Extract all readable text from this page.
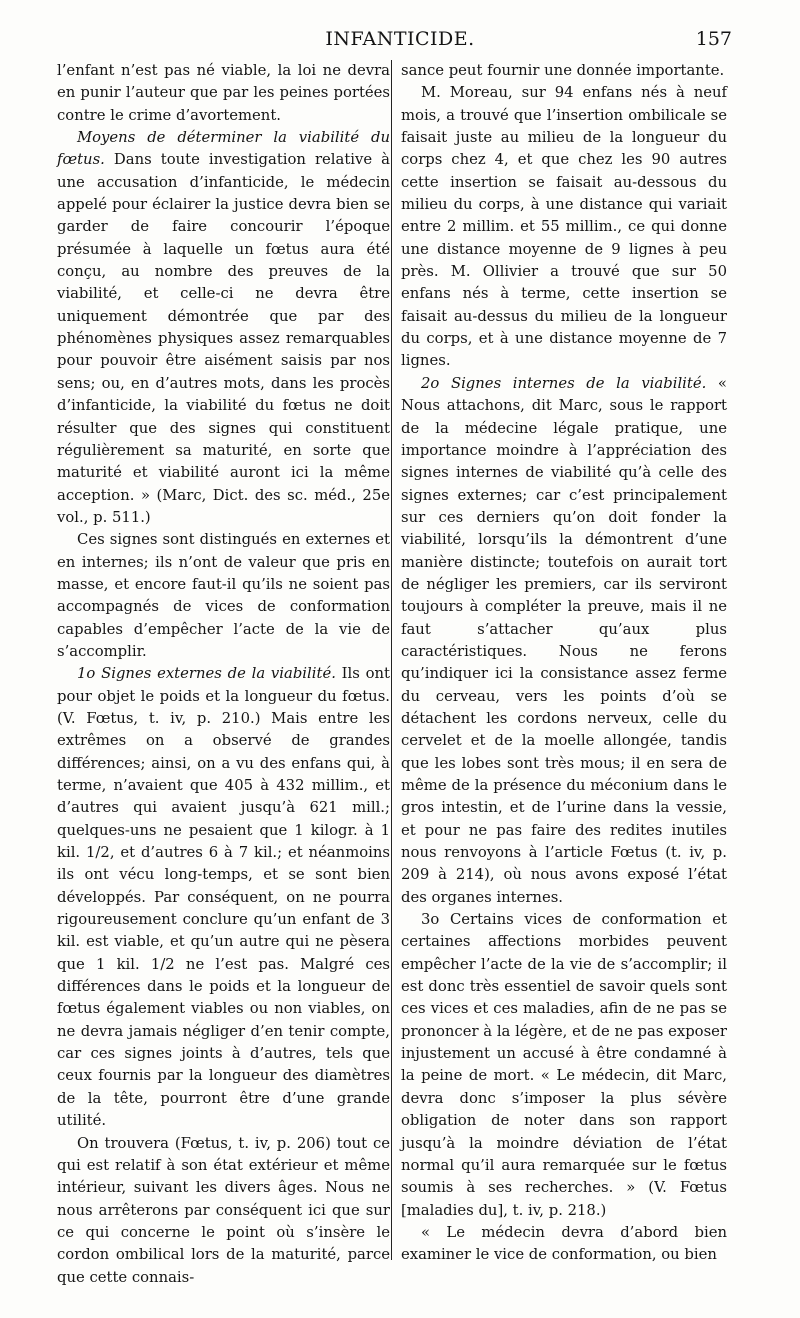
INFANTICIDE.	157

l’enfant n’est pas né viable, la loi ne devra en punir l’auteur que par les peines portées contre le crime d’avortement.

Moyens de déterminer la viabilité du fœtus. Dans toute investigation relative à une accusation d’infanticide, le médecin appelé pour éclairer la justice devra bien se garder de faire concourir l’époque présumée à laquelle un fœtus aura été conçu, au nombre des preuves de la viabilité, et celle-ci ne devra être uniquement démontrée que par des phénomènes physiques assez remarquables pour pouvoir être aisément saisis par nos sens; ou, en d’autres mots, dans les procès d’infanticide, la viabilité du fœtus ne doit résulter que des signes qui constituent régulièrement sa maturité, en sorte que maturité et viabilité auront ici la même acception. » (Marc, Dict. des sc. méd., 25e vol., p. 511.)

Ces signes sont distingués en externes et en internes; ils n’ont de valeur que pris en masse, et encore faut-il qu’ils ne soient pas accompagnés de vices de conformation capables d’empêcher l’acte de la vie de s’accomplir.

1o Signes externes de la viabilité. Ils ont pour objet le poids et la longueur du fœtus. (V. Fœtus, t. iv, p. 210.) Mais entre les extrêmes on a observé de grandes différences; ainsi, on a vu des enfans qui, à terme, n’avaient que 405 à 432 millim., et d’autres qui avaient jusqu’à 621 mill.; quelques-uns ne pesaient que 1 kilogr. à 1 kil. 1/2, et d’autres 6 à 7 kil.; et néanmoins ils ont vécu long-temps, et se sont bien développés. Par conséquent, on ne pourra rigoureusement conclure qu’un enfant de 3 kil. est viable, et qu’un autre qui ne pèsera que 1 kil. 1/2 ne l’est pas. Malgré ces différences dans le poids et la longueur de fœtus également viables ou non viables, on ne devra jamais négliger d’en tenir compte, car ces signes joints à d’autres, tels que ceux fournis par la longueur des diamètres de la tête, pourront être d’une grande utilité.

On trouvera (Fœtus, t. iv, p. 206) tout ce qui est relatif à son état extérieur et même intérieur, suivant les divers âges. Nous ne nous arrêterons par conséquent ici que sur ce qui concerne le point où s’insère le cordon ombilical lors de la maturité, parce que cette connais-

sance peut fournir une donnée importante.

M. Moreau, sur 94 enfans nés à neuf mois, a trouvé que l’insertion ombilicale se faisait juste au milieu de la longueur du corps chez 4, et que chez les 90 autres cette insertion se faisait au-dessous du milieu du corps, à une distance qui variait entre 2 millim. et 55 millim., ce qui donne une distance moyenne de 9 lignes à peu près. M. Ollivier a trouvé que sur 50 enfans nés à terme, cette insertion se faisait au-dessus du milieu de la longueur du corps, et à une distance moyenne de 7 lignes.

2o Signes internes de la viabilité. « Nous attachons, dit Marc, sous le rapport de la médecine légale pratique, une importance moindre à l’appréciation des signes internes de viabilité qu’à celle des signes externes; car c’est principalement sur ces derniers qu’on doit fonder la viabilité, lorsqu’ils la démontrent d’une manière distincte; toutefois on aurait tort de négliger les premiers, car ils serviront toujours à compléter la preuve, mais il ne faut s’attacher qu’aux plus caractéristiques. Nous ne ferons qu’indiquer ici la consistance assez ferme du cerveau, vers les points d’où se détachent les cordons nerveux, celle du cervelet et de la moelle allongée, tandis que les lobes sont très mous; il en sera de même de la présence du méconium dans le gros intestin, et de l’urine dans la vessie, et pour ne pas faire des redites inutiles nous renvoyons à l’article Fœtus (t. iv, p. 209 à 214), où nous avons exposé l’état des organes internes.

3o Certains vices de conformation et certaines affections morbides peuvent empêcher l’acte de la vie de s’accomplir; il est donc très essentiel de savoir quels sont ces vices et ces maladies, afin de ne pas se prononcer à la légère, et de ne pas exposer injustement un accusé à être condamné à la peine de mort. « Le médecin, dit Marc, devra donc s’imposer la plus sévère obligation de noter dans son rapport jusqu’à la moindre déviation de l’état normal qu’il aura remarquée sur le fœtus soumis à ses recherches. » (V. Fœtus [maladies du], t. iv, p. 218.)

« Le médecin devra d’abord bien examiner le vice de conformation, ou bien
